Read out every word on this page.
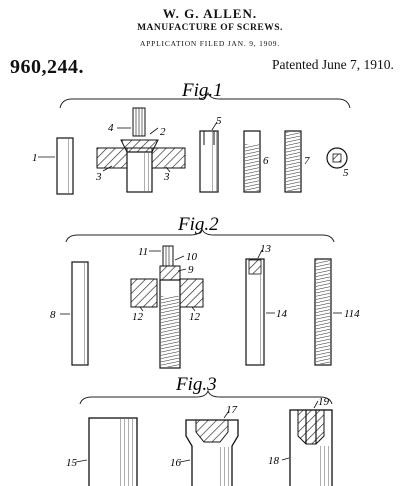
W. G. ALLEN.
MANUFACTURE OF SCREWS.
APPLICATION FILED JAN. 9, 1909.
960,244.	Patented June 7, 1910.
Fig.1
1
4	2
3	3
5
6	7
5
Fig.2
8
11	10
9
12	12
13
14	114
Fig.3
15
17
16
19
18
